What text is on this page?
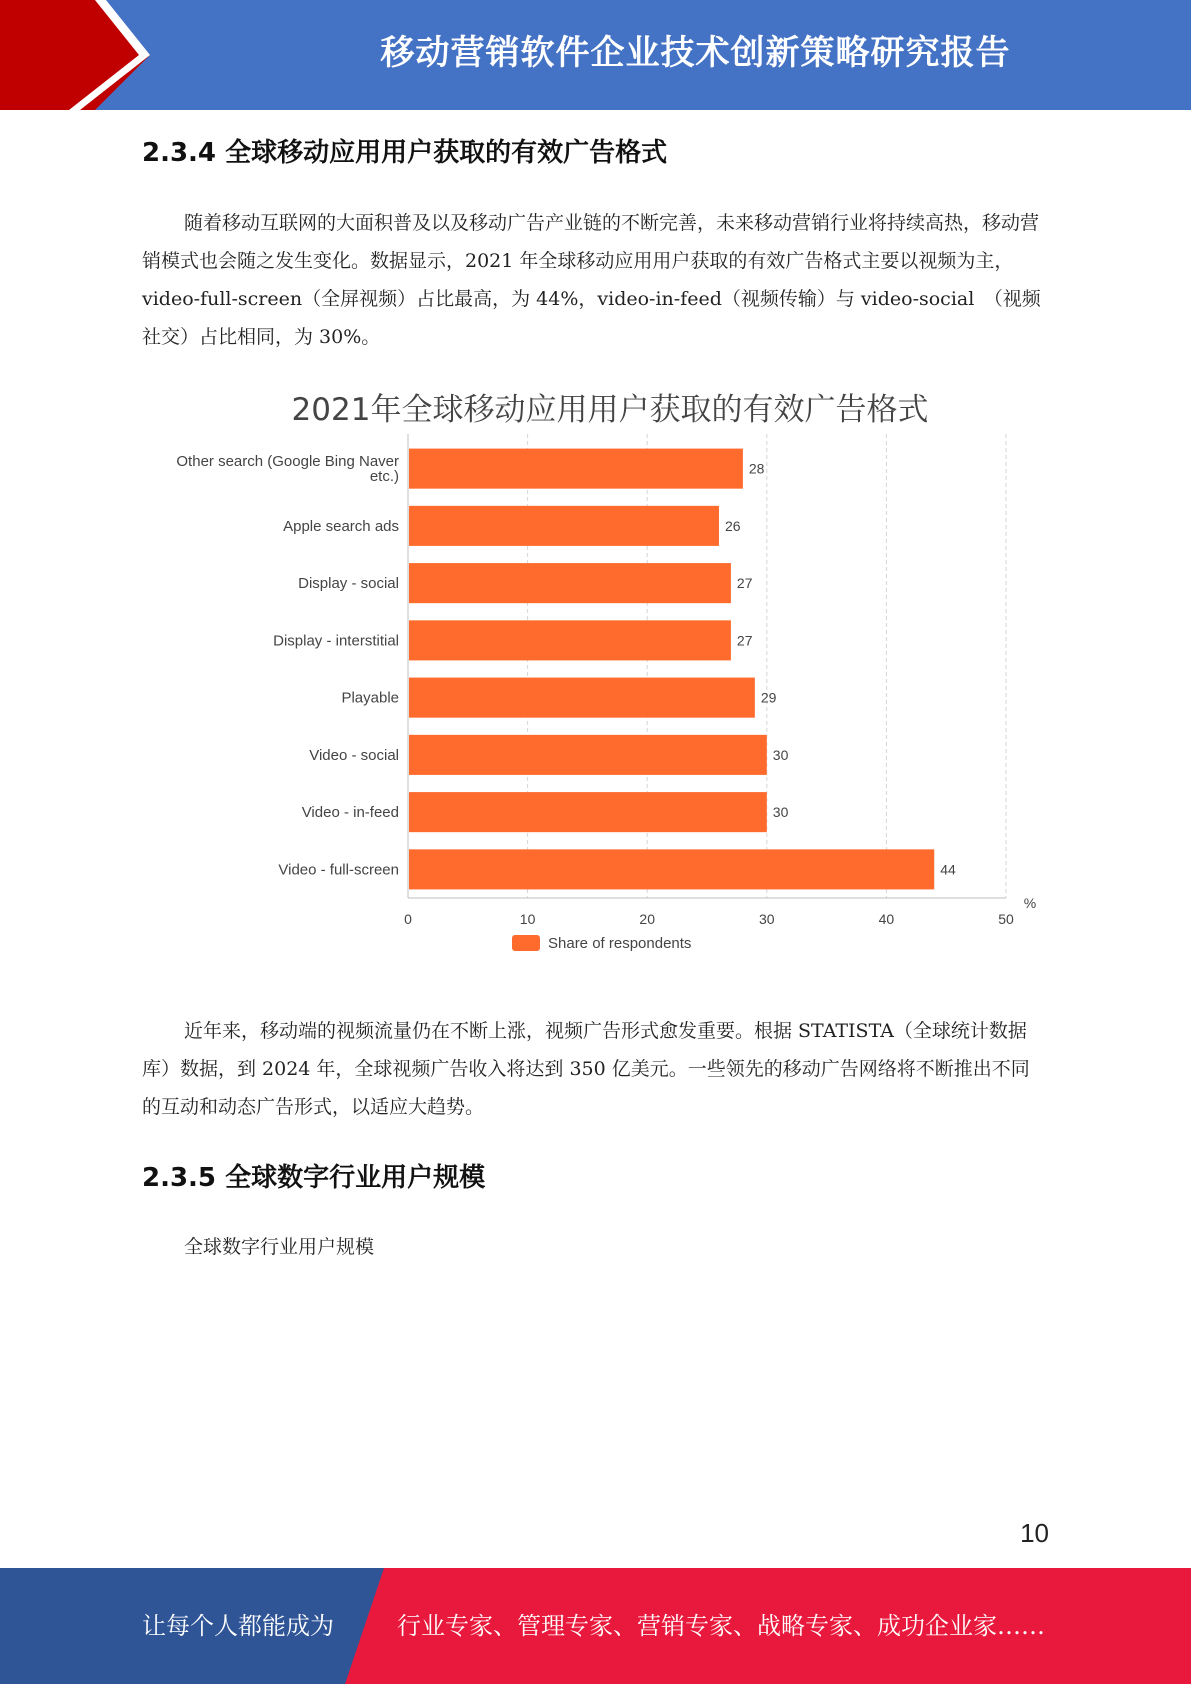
移动营销软件企业技术创新策略研究报告
2.3.4 全球移动应用用户获取的有效广告格式

随着移动互联网的大面积普及以及移动广告产业链的不断完善，未来移动营销行业将持续高热，移动营销模式也会随之发生变化。数据显示，2021 年全球移动应用用户获取的有效广告格式主要以视频为主，video-full-screen（全屏视频）占比最高，为 44%，video-in-feed（视频传输）与 video-social　（视频社交）占比相同，为 30%。

2021年全球移动应用用户获取的有效广告格式
0	10	20	30	40	50
%
28
Other search (Google Bing Naver
etc.)
26
Apple search ads
27
Display - social
27
Display - interstitial
29
Playable
30
Video - social
30
Video - in-feed
44
Video - full-screen
Share of respondents

近年来，移动端的视频流量仍在不断上涨，视频广告形式愈发重要。根据 STATISTA（全球统计数据库）数据，到 2024 年，全球视频广告收入将达到 350 亿美元。一些领先的移动广告网络将不断推出不同的互动和动态广告形式，以适应大趋势。

2.3.5 全球数字行业用户规模

全球数字行业用户规模

10
让每个人都能成为	行业专家、管理专家、营销专家、战略专家、成功企业家……
